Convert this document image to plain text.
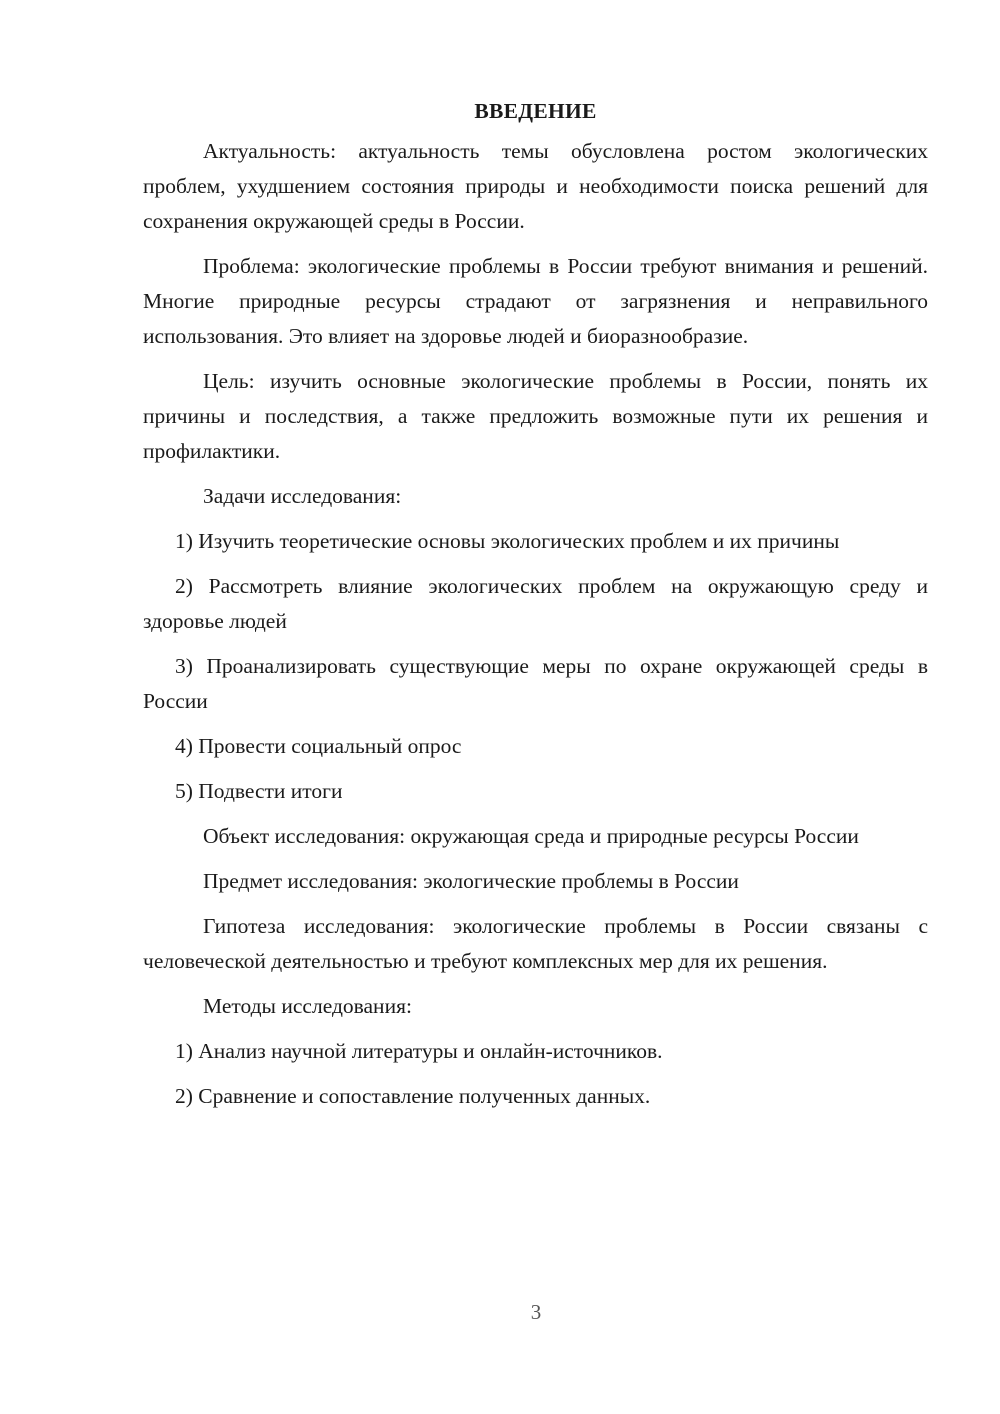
ВВЕДЕНИЕ
Актуальность: актуальность темы обусловлена ростом экологических проблем, ухудшением состояния природы и необходимости поиска решений для сохранения окружающей среды в России.
Проблема: экологические проблемы в России требуют внимания и решений. Многие природные ресурсы страдают от загрязнения и неправильного использования. Это влияет на здоровье людей и биоразнообразие.
Цель: изучить основные экологические проблемы в России, понять их причины и последствия, а также предложить возможные пути их решения и профилактики.
Задачи исследования:
1) Изучить теоретические основы экологических проблем и их причины
2) Рассмотреть влияние экологических проблем на окружающую среду и здоровье людей
3) Проанализировать существующие меры по охране окружающей среды в России
4) Провести социальный опрос
5) Подвести итоги
Объект исследования: окружающая среда и природные ресурсы России
Предмет исследования: экологические проблемы в России
Гипотеза исследования: экологические проблемы в России связаны с человеческой деятельностью и требуют комплексных мер для их решения.
Методы исследования:
1) Анализ научной литературы и онлайн-источников.
2) Сравнение и сопоставление полученных данных.
3
